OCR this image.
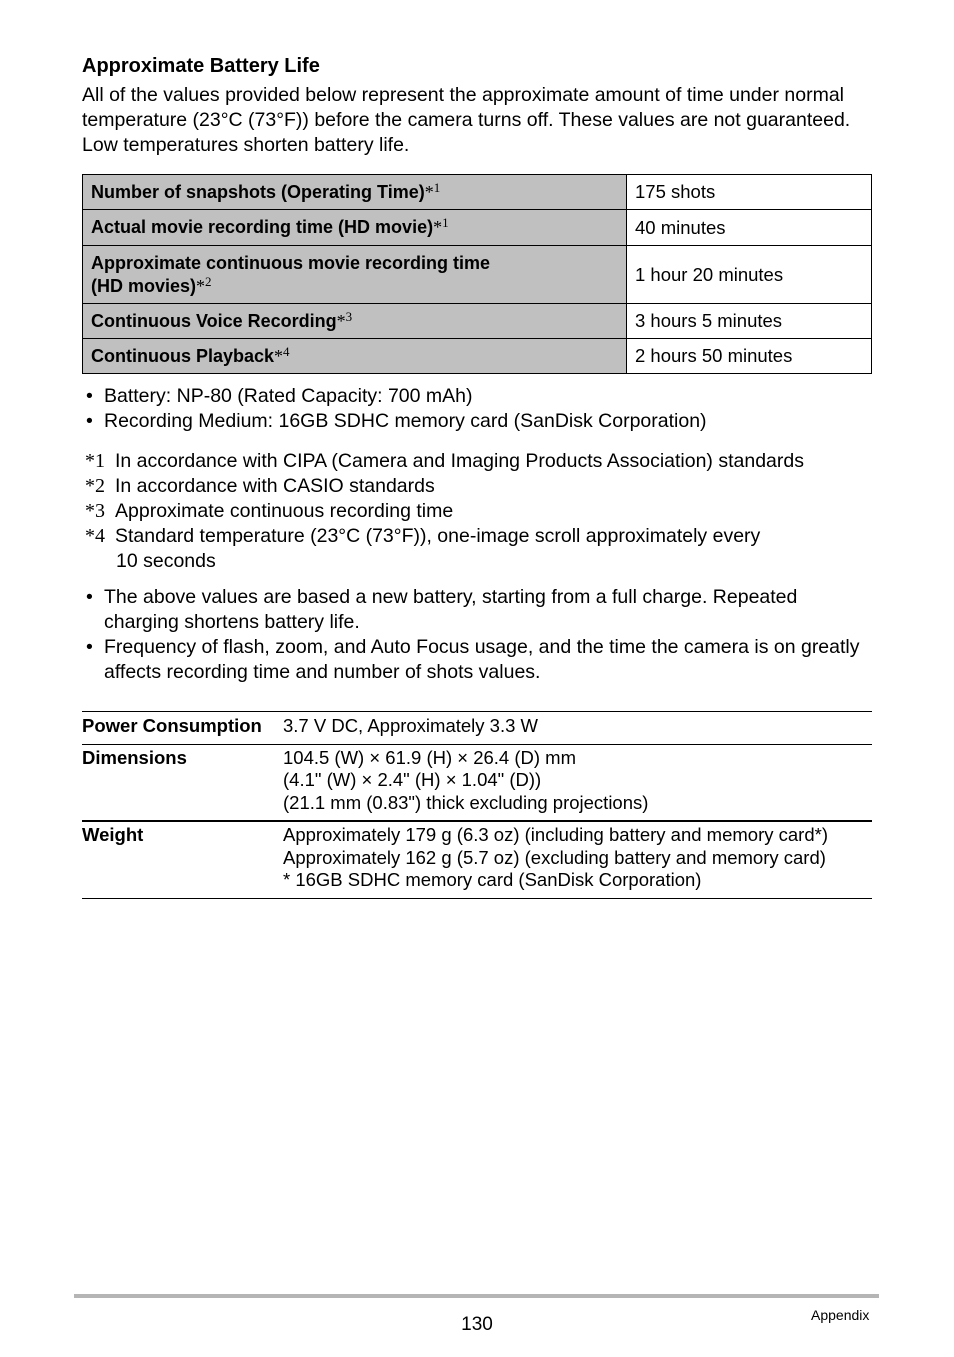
Approximate Battery Life

All of the values provided below represent the approximate amount of time under normal temperature (23°C (73°F)) before the camera turns off. These values are not guaranteed. Low temperatures shorten battery life.

Number of snapshots (Operating Time)*$^1$	175 shots
Actual movie recording time (HD movie)*$^1$	40 minutes
Approximate continuous movie recording time
(HD movies)*$^2$	1 hour 20 minutes
Continuous Voice Recording*$^3$	3 hours 5 minutes
Continuous Playback*$^4$	2 hours 50 minutes
• Battery: NP-80 (Rated Capacity: 700 mAh)
• Recording Medium: 16GB SDHC memory card (SanDisk Corporation)
*1 In accordance with CIPA (Camera and Imaging Products Association) standards
*2 In accordance with CASIO standards
*3 Approximate continuous recording time
*4 Standard temperature (23°C (73°F)), one-image scroll approximately every
10 seconds
• The above values are based a new battery, starting from a full charge. Repeated charging shortens battery life.
• Frequency of flash, zoom, and Auto Focus usage, and the time the camera is on greatly affects recording time and number of shots values.
Power Consumption	3.7 V DC, Approximately 3.3 W
Dimensions	104.5 (W) × 61.9 (H) × 26.4 (D) mm
(4.1" (W) × 2.4" (H) × 1.04" (D))
(21.1 mm (0.83") thick excluding projections)

Weight	Approximately 179 g (6.3 oz) (including battery and memory card*)
Approximately 162 g (5.7 oz) (excluding battery and memory card)
* 16GB SDHC memory card (SanDisk Corporation)
130	Appendix
